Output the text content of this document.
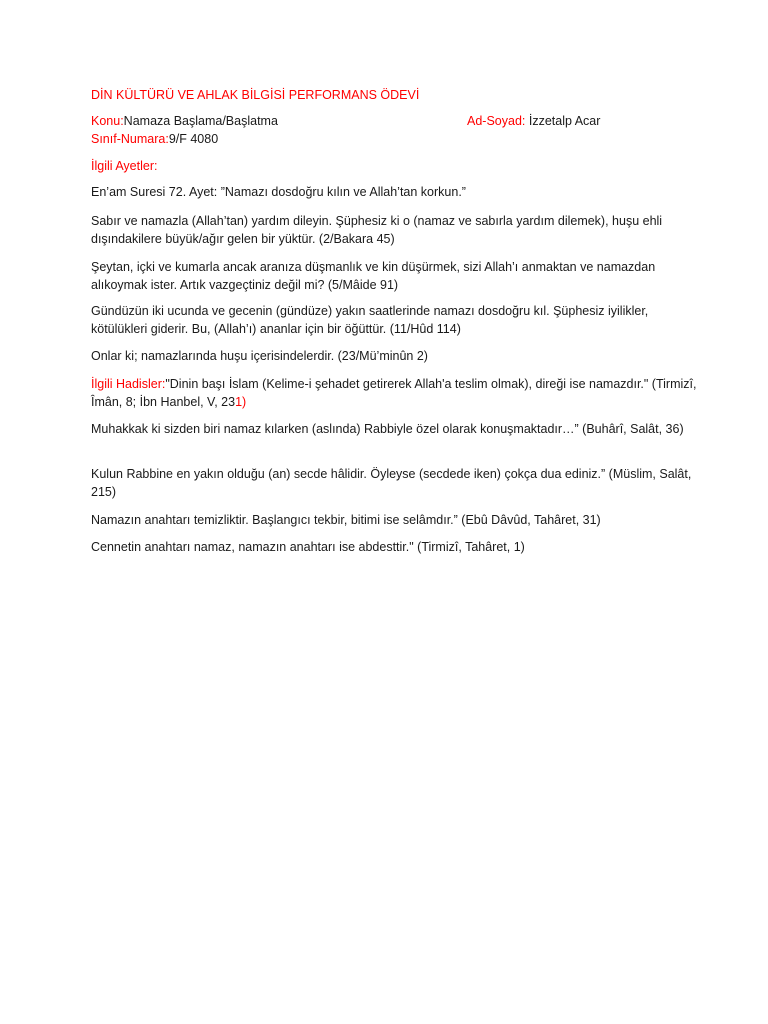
DİN KÜLTÜRÜ VE AHLAK BİLGİSİ PERFORMANS ÖDEVİ
Konu:Namaza Başlama/Başlatma	Ad-Soyad: İzzetalp Acar
Sınıf-Numara:9/F 4080
İlgili Ayetler:
En’am Suresi 72. Ayet: ”Namazı dosdoğru kılın ve Allah’tan korkun.”
Sabır ve namazla (Allah’tan) yardım dileyin. Şüphesiz ki o (namaz ve sabırla yardım dilemek), huşu ehli dışındakilere büyük/ağır gelen bir yüktür. (2/Bakara 45)
Şeytan, içki ve kumarla ancak aranıza düşmanlık ve kin düşürmek, sizi Allah’ı anmaktan ve namazdan alıkoymak ister. Artık vazgeçtiniz değil mi? (5/Mâide 91)
Gündüzün iki ucunda ve gecenin (gündüze) yakın saatlerinde namazı dosdoğru kıl. Şüphesiz iyilikler, kötülükleri giderir. Bu, (Allah’ı) ananlar için bir öğüttür. (11/Hûd 114)
Onlar ki; namazlarında huşu içerisindelerdir. (23/Mü’minûn 2)
İlgili Hadisler:"Dinin başı İslam (Kelime-i şehadet getirerek Allah'a teslim olmak), direği ise namazdır." (Tirmizî, Îmân, 8; İbn Hanbel, V, 231)
Muhakkak ki sizden biri namaz kılarken (aslında) Rabbiyle özel olarak konuşmaktadır…” (Buhârî, Salât, 36)
Kulun Rabbine en yakın olduğu (an) secde hâlidir. Öyleyse (secdede iken) çokça dua ediniz.” (Müslim, Salât, 215)
Namazın anahtarı temizliktir. Başlangıcı tekbir, bitimi ise selâmdır.” (Ebû Dâvûd, Tahâret, 31)
Cennetin anahtarı namaz, namazın anahtarı ise abdesttir." (Tirmizî, Tahâret, 1)
